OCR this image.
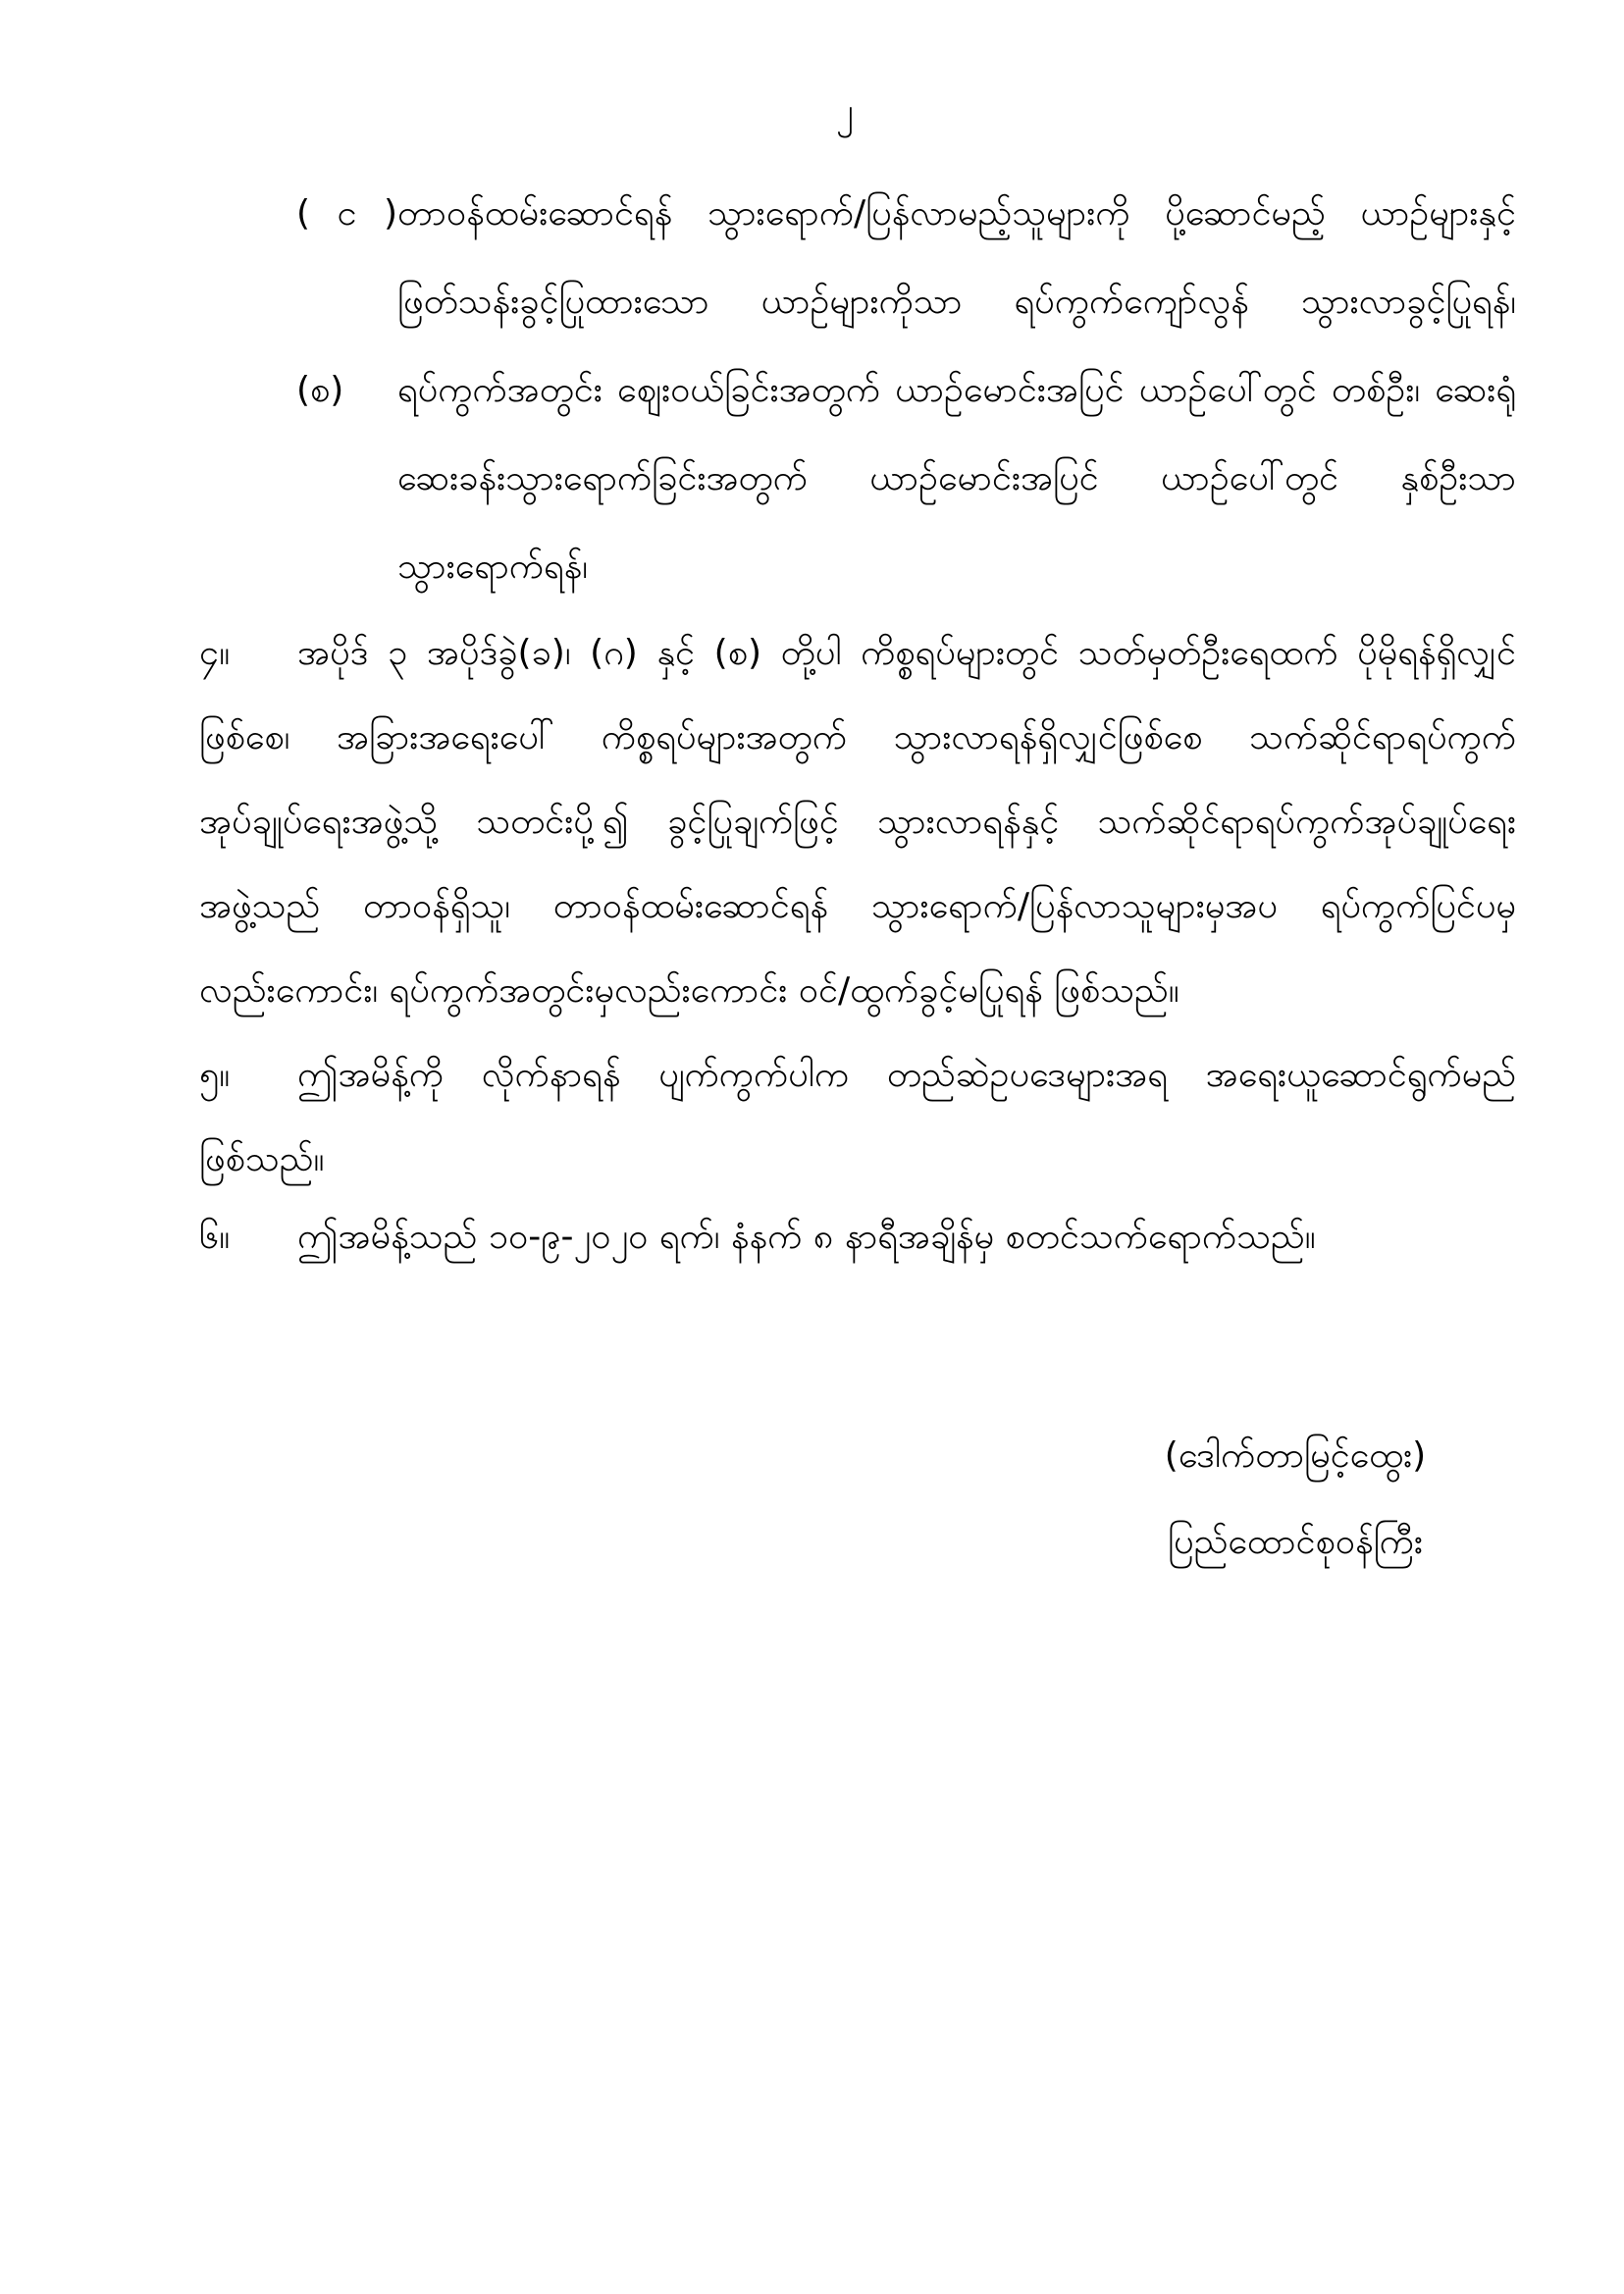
၂
( င )တာဝန်ထမ်းဆောင်ရန် သွားရောက်/ပြန်လာမည့်သူများကို ပို့ဆောင်မည့် ယာဉ်များနှင့်
ဖြတ်သန်းခွင့်ပြုထားသော ယာဉ်များကိုသာ ရပ်ကွက်ကျော်လွန် သွားလာခွင့်ပြုရန်၊
(စ) ရပ်ကွက်အတွင်း ဈေးဝယ်ခြင်းအတွက် ယာဉ်မောင်းအပြင် ယာဉ်ပေါ်တွင် တစ်ဦး၊ ဆေးရုံ
ဆေးခန်းသွားရောက်ခြင်းအတွက် ယာဉ်မောင်းအပြင် ယာဉ်ပေါ်တွင် နှစ်ဦးသာ
သွားရောက်ရန်၊
၄။ အပိုဒ် ၃ အပိုဒ်ခွဲ(ခ)၊ (ဂ) နှင့် (စ) တို့ပါ ကိစ္စရပ်များတွင် သတ်မှတ်ဦးရေထက် ပိုမိုရန်ရှိလျှင်
ဖြစ်စေ၊ အခြားအရေးပေါ် ကိစ္စရပ်များအတွက် သွားလာရန်ရှိလျှင်ဖြစ်စေ သက်ဆိုင်ရာရပ်ကွက်
အုပ်ချုပ်ရေးအဖွဲ့သို့ သတင်းပို့၍ ခွင့်ပြုချက်ဖြင့် သွားလာရန်နှင့် သက်ဆိုင်ရာရပ်ကွက်အုပ်ချုပ်ရေး
အဖွဲ့သည် တာဝန်ရှိသူ၊ တာဝန်ထမ်းဆောင်ရန် သွားရောက်/ပြန်လာသူများမှအပ ရပ်ကွက်ပြင်ပမှ
လည်းကောင်း၊ ရပ်ကွက်အတွင်းမှလည်းကောင်း ဝင်/ထွက်ခွင့်မပြုရန် ဖြစ်သည်။
၅။ ဤအမိန့်ကို လိုက်နာရန် ပျက်ကွက်ပါက တည်ဆဲဥပဒေများအရ အရေးယူဆောင်ရွက်မည်
ဖြစ်သည်။
၆။ ဤအမိန့်သည် ၁၀-၉-၂၀၂၀ ရက်၊ နံနက် ၈ နာရီအချိန်မှ စတင်သက်ရောက်သည်။
(ဒေါက်တာမြင့်ထွေး)
ပြည်ထောင်စုဝန်ကြီး
